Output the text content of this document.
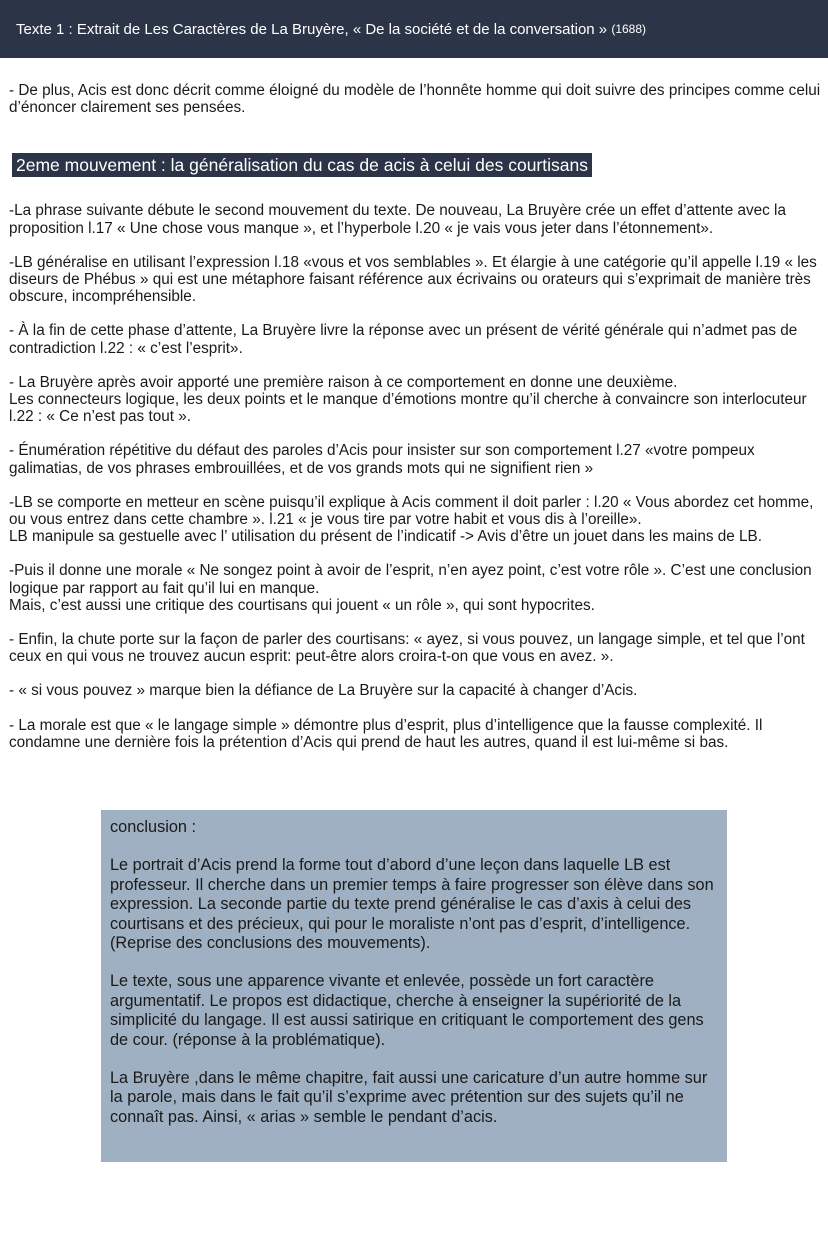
Texte 1 : Extrait de Les Caractères de La Bruyère, « De la société et de la conversation »
(1688)

- De plus, Acis est donc décrit comme éloigné du modèle de l’honnête homme qui doit suivre des principes comme celui d’énoncer clairement ses pensées.

2eme mouvement : la généralisation du cas de acis à celui des courtisans

-La phrase suivante débute le second mouvement du texte. De nouveau, La Bruyère crée un effet d’attente avec la proposition l.17 « Une chose vous manque », et l’hyperbole l.20 « je vais vous jeter dans l’étonnement».

-LB généralise en utilisant l’expression l.18 «vous et vos semblables ». Et élargie à une catégorie qu’il appelle l.19 « les diseurs de Phébus » qui est une métaphore faisant référence aux écrivains ou orateurs qui s’exprimait de manière très obscure, incompréhensible.

- À la fin de cette phase d’attente, La Bruyère livre la réponse avec un présent de vérité générale qui n’admet pas de contradiction l.22 : « c’est l’esprit».

- La Bruyère après avoir apporté une première raison à ce comportement en donne une deuxième.
Les connecteurs logique, les deux points et le manque d’émotions montre qu’il cherche à convaincre son interlocuteur l.22 : « Ce n’est pas tout ».

- Énumération répétitive du défaut des paroles d’Acis pour insister sur son comportement l.27 «votre pompeux galimatias, de vos phrases embrouillées, et de vos grands mots qui ne signifient rien »

-LB se comporte en metteur en scène puisqu’il explique à Acis comment il doit parler : l.20 « Vous abordez cet homme, ou vous entrez dans cette chambre ». l.21 « je vous tire par votre habit et vous dis à l’oreille».
LB manipule sa gestuelle avec l’ utilisation du présent de l’indicatif -> Avis d’être un jouet dans les mains de LB.

-Puis il donne une morale « Ne songez point à avoir de l’esprit, n’en ayez point, c’est votre rôle ». C’est une conclusion logique par rapport au fait qu’il lui en manque.
Mais, c’est aussi une critique des courtisans qui jouent « un rôle », qui sont hypocrites.

- Enfin, la chute porte sur la façon de parler des courtisans: « ayez, si vous pouvez, un langage simple, et tel que l’ont ceux en qui vous ne trouvez aucun esprit: peut-être alors croira-t-on que vous en avez. ».

- « si vous pouvez » marque bien la défiance de La Bruyère sur la capacité à changer d’Acis.

- La morale est que « le langage simple » démontre plus d’esprit, plus d’intelligence que la fausse complexité. Il condamne une dernière fois la prétention d’Acis qui prend de haut les autres, quand il est lui-même si bas.

conclusion :

Le portrait d’Acis prend la forme tout d’abord d’une leçon dans laquelle LB est professeur. Il cherche dans un premier temps à faire progresser son élève dans son expression. La seconde partie du texte prend généralise le cas d’axis à celui des courtisans et des précieux, qui pour le moraliste n’ont pas d’esprit, d’intelligence. (Reprise des conclusions des mouvements).

Le texte, sous une apparence vivante et enlevée, possède un fort caractère argumentatif. Le propos est didactique, cherche à enseigner la supériorité de la simplicité du langage. Il est aussi satirique en critiquant le comportement des gens de cour. (réponse à la problématique).

La Bruyère ,dans le même chapitre, fait aussi une caricature d’un autre homme sur la parole, mais dans le fait qu’il s’exprime avec prétention sur des sujets qu’il ne connaît pas. Ainsi, « arias » semble le pendant d’acis.
